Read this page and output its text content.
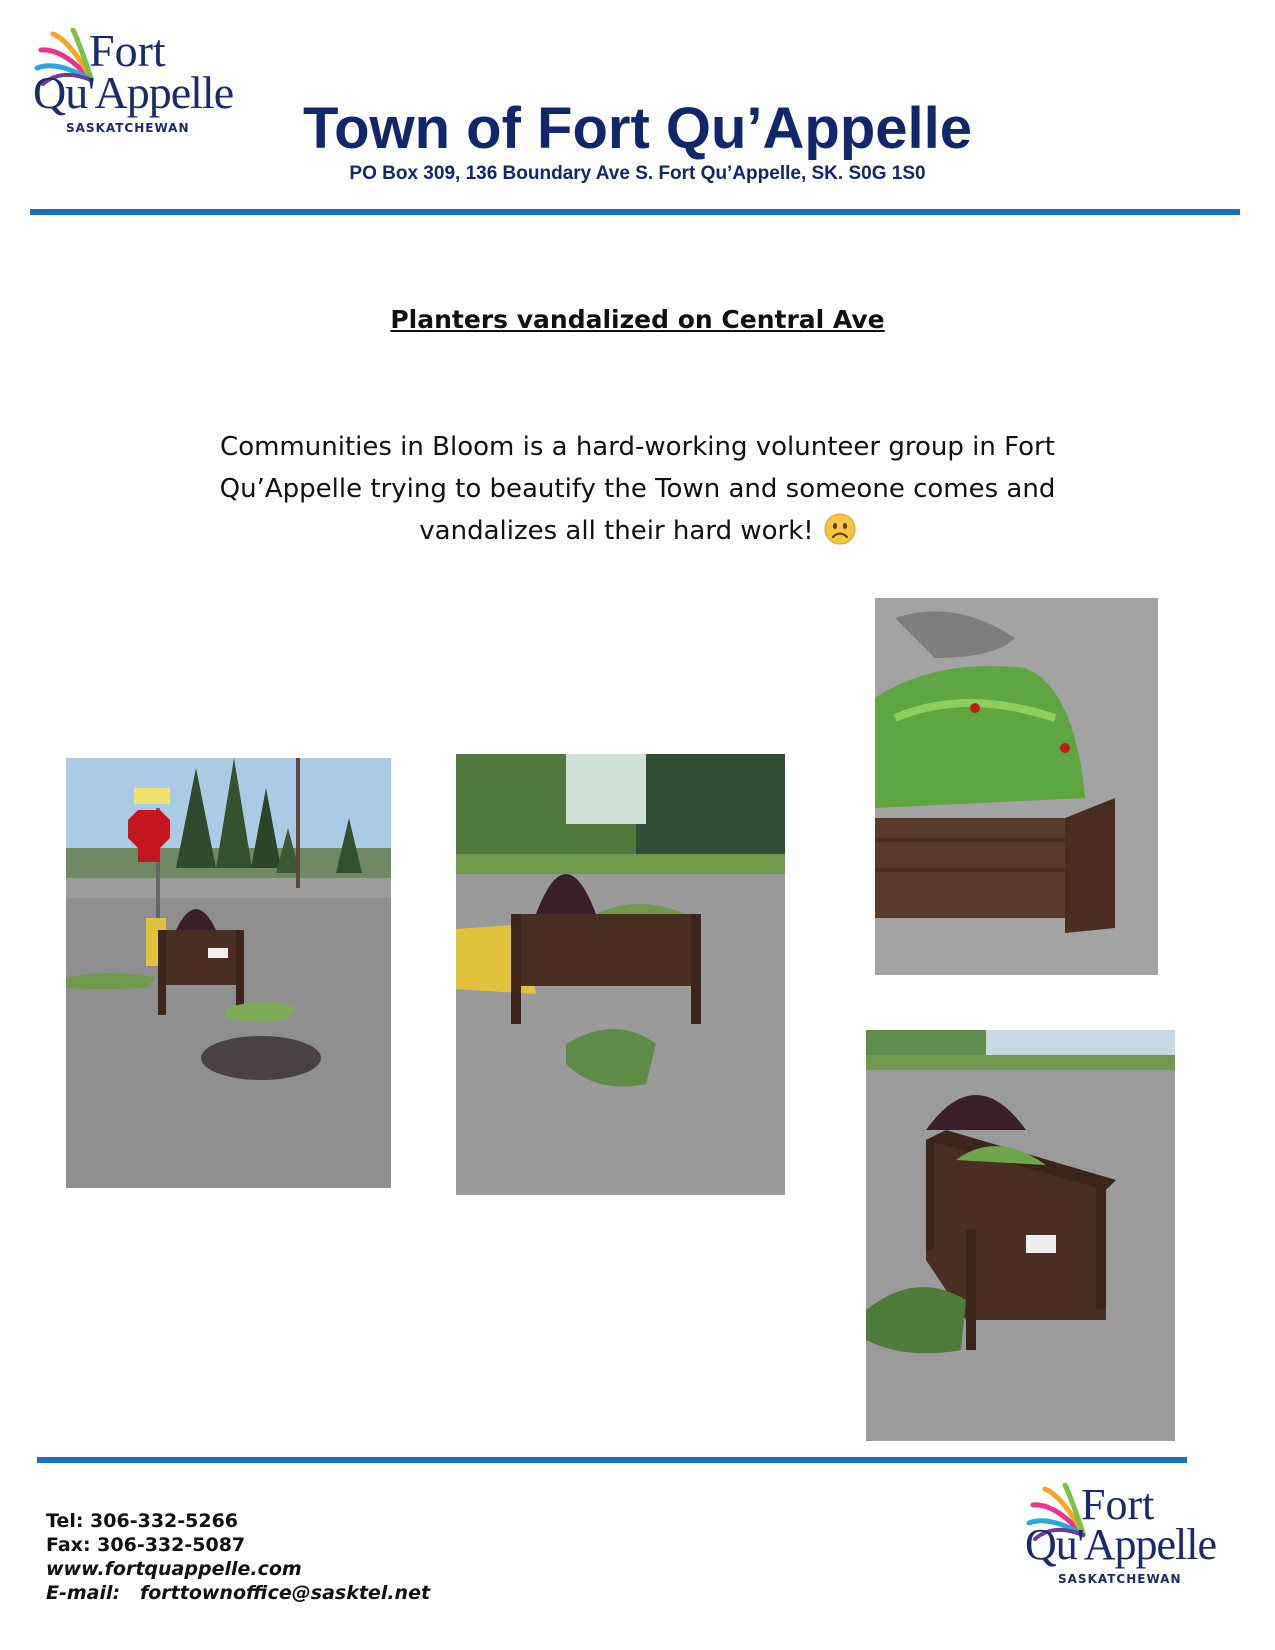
Fort
Qu'Appelle
SASKATCHEWAN	Town of Fort Qu’Appelle
PO Box 309, 136 Boundary Ave S. Fort Qu’Appelle, SK. S0G 1S0
Planters vandalized on Central Ave
Communities in Bloom is a hard-working volunteer group in Fort Qu’Appelle trying to beautify the Town and someone comes and vandalizes all their hard work!
Tel: 306-332-5266
Fax: 306-332-5087
www.fortquappelle.com
E-mail: forttownoffice@sasktel.net
Fort
Qu'Appelle
SASKATCHEWAN
